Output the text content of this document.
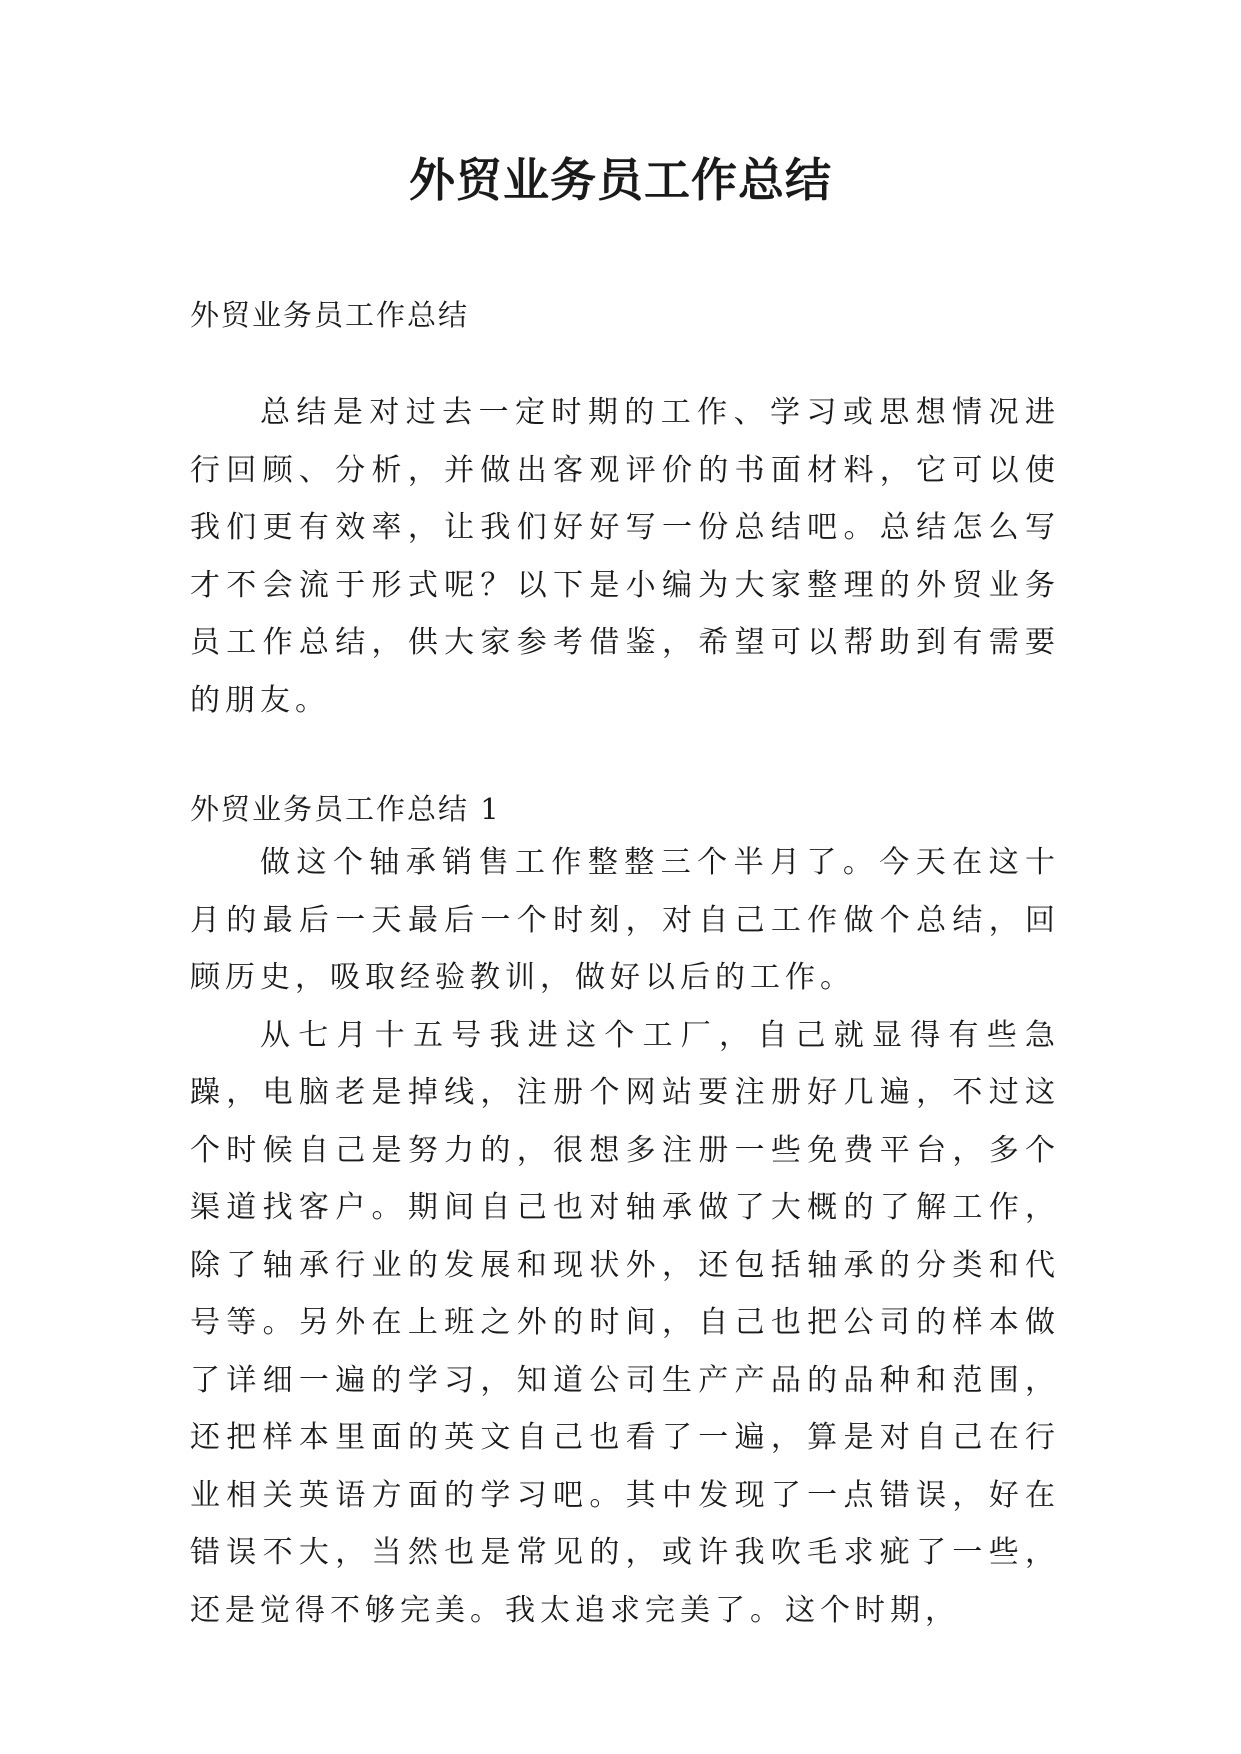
外贸业务员工作总结

外贸业务员工作总结

总结是对过去一定时期的工作、学习或思想情况进行回顾、分析，并做出客观评价的书面材料，它可以使我们更有效率，让我们好好写一份总结吧。总结怎么写才不会流于形式呢？以下是小编为大家整理的外贸业务员工作总结，供大家参考借鉴，希望可以帮助到有需要的朋友。

外贸业务员工作总结 1

做这个轴承销售工作整整三个半月了。今天在这十月的最后一天最后一个时刻，对自己工作做个总结，回顾历史，吸取经验教训，做好以后的工作。

从七月十五号我进这个工厂，自己就显得有些急躁，电脑老是掉线，注册个网站要注册好几遍，不过这个时候自己是努力的，很想多注册一些免费平台，多个渠道找客户。期间自己也对轴承做了大概的了解工作，除了轴承行业的发展和现状外，还包括轴承的分类和代号等。另外在上班之外的时间，自己也把公司的样本做了详细一遍的学习，知道公司生产产品的品种和范围，还把样本里面的英文自己也看了一遍，算是对自己在行业相关英语方面的学习吧。其中发现了一点错误，好在错误不大，当然也是常见的，或许我吹毛求疵了一些，还是觉得不够完美。我太追求完美了。这个时期，
